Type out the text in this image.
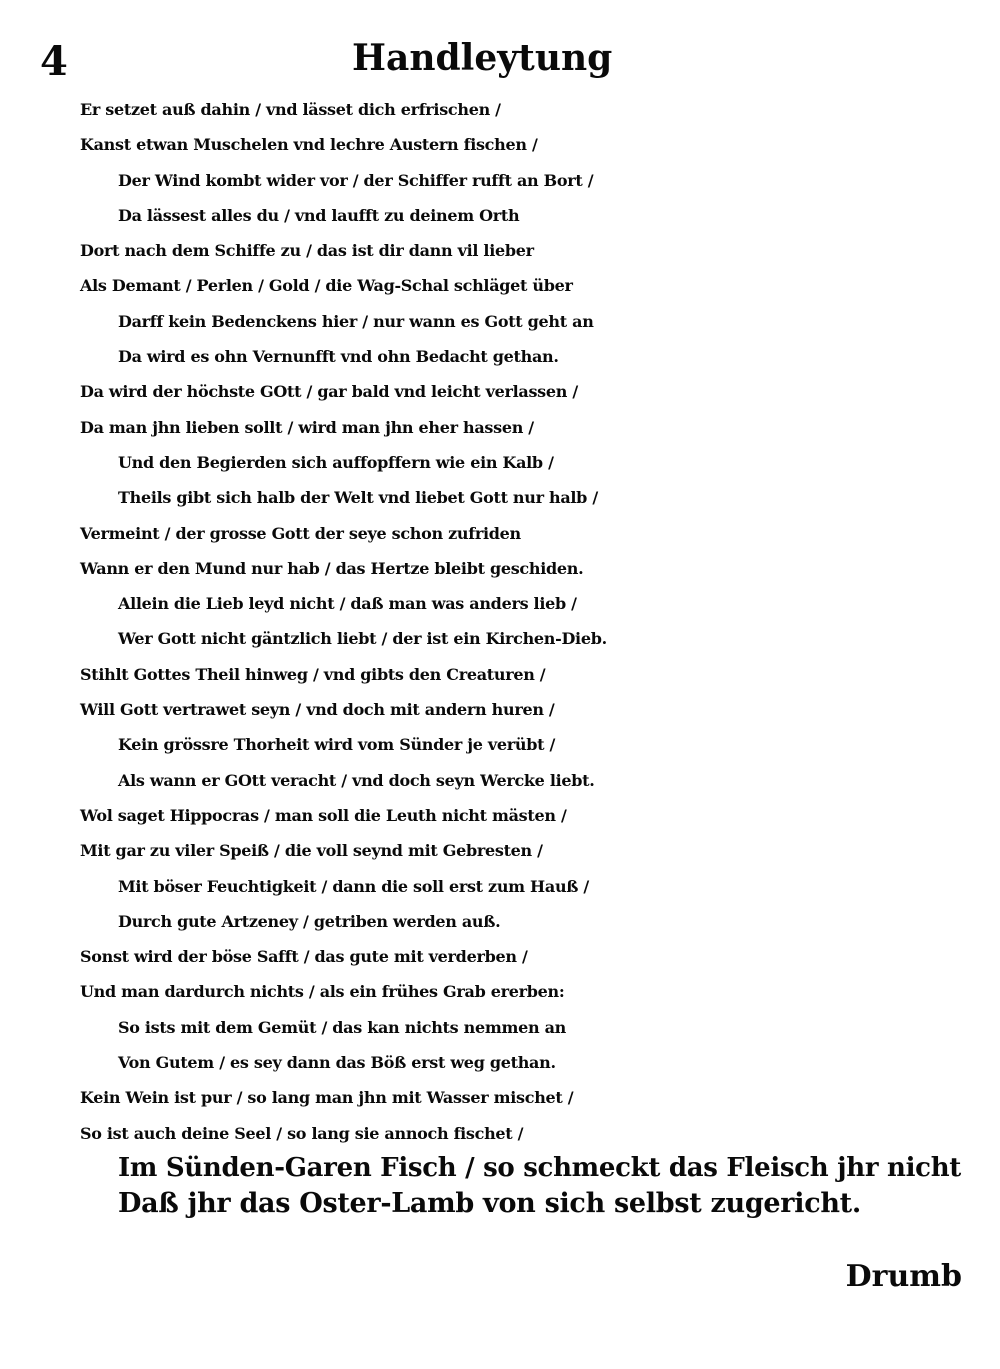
4	Handleytung
Er setzet auß dahin / vnd lässet dich erfrischen /
Kanst etwan Muschelen vnd lechre Austern fischen /
Der Wind kombt wider vor / der Schiffer rufft an Bort /
Da lässest alles du / vnd laufft zu deinem Orth
Dort nach dem Schiffe zu / das ist dir dann vil lieber
Als Demant / Perlen / Gold / die Wag-Schal schläget über
Darff kein Bedenckens hier / nur wann es Gott geht an
Da wird es ohn Vernunfft vnd ohn Bedacht gethan.
Da wird der höchste GOtt / gar bald vnd leicht verlassen /
Da man jhn lieben sollt / wird man jhn eher hassen /
Und den Begierden sich auffopffern wie ein Kalb /
Theils gibt sich halb der Welt vnd liebet Gott nur halb /
Vermeint / der grosse Gott der seye schon zufriden
Wann er den Mund nur hab / das Hertze bleibt geschiden.
Allein die Lieb leyd nicht / daß man was anders lieb /
Wer Gott nicht gäntzlich liebt / der ist ein Kirchen-Dieb.
Stihlt Gottes Theil hinweg / vnd gibts den Creaturen /
Will Gott vertrawet seyn / vnd doch mit andern huren /
Kein grössre Thorheit wird vom Sünder je verübt /
Als wann er GOtt veracht / vnd doch seyn Wercke liebt.
Wol saget Hippocras / man soll die Leuth nicht mästen /
Mit gar zu viler Speiß / die voll seynd mit Gebresten /
Mit böser Feuchtigkeit / dann die soll erst zum Hauß /
Durch gute Artzeney / getriben werden auß.
Sonst wird der böse Safft / das gute mit verderben /
Und man dardurch nichts / als ein frühes Grab ererben:
So ists mit dem Gemüt / das kan nichts nemmen an
Von Gutem / es sey dann das Böß erst weg gethan.
Kein Wein ist pur / so lang man jhn mit Wasser mischet /
So ist auch deine Seel / so lang sie annoch fischet /
Im Sünden-Garen Fisch / so schmeckt das Fleisch jhr nicht
Daß jhr das Oster-Lamb von sich selbst zugericht.
Drumb
